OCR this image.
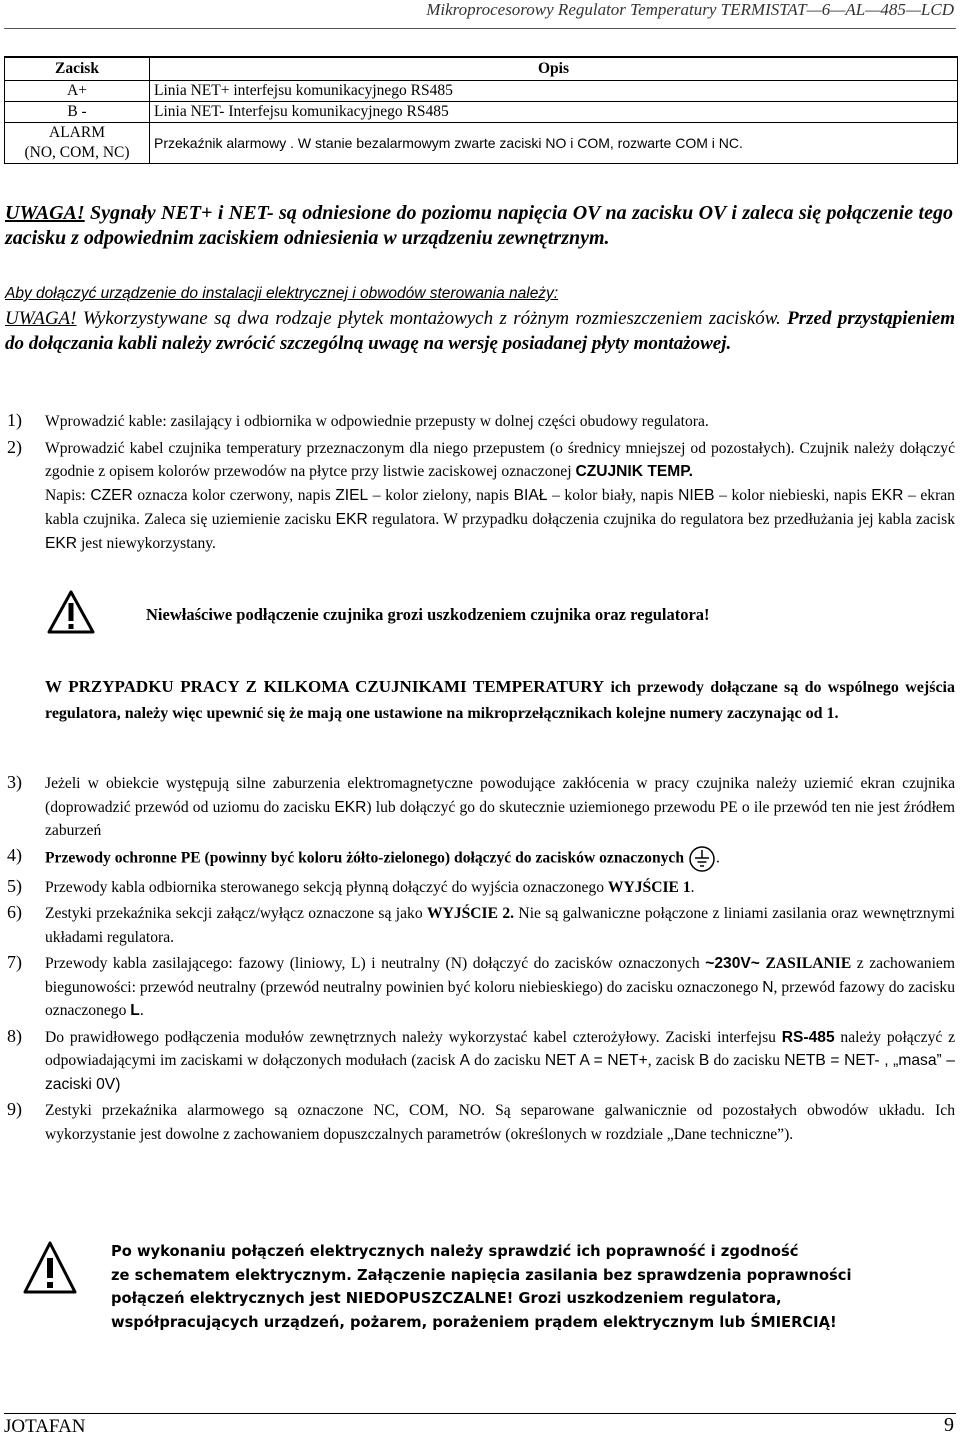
Mikroprocesorowy Regulator Temperatury TERMISTAT—6—AL—485—LCD
Zacisk	Opis
A+	Linia NET+ interfejsu komunikacyjnego RS485
B -	Linia NET- Interfejsu komunikacyjnego RS485

ALARM
(NO, COM, NC)	Przekaźnik alarmowy . W stanie bezalarmowym zwarte zaciski NO i COM, rozwarte COM i NC.
UWAGA! Sygnały NET+ i NET- są odniesione do poziomu napięcia OV na zacisku OV i zaleca się połączenie tego zacisku z odpowiednim zaciskiem odniesienia w urządzeniu zewnętrznym.
Aby dołączyć urządzenie do instalacji elektrycznej i obwodów sterowania należy:
UWAGA! Wykorzystywane są dwa rodzaje płytek montażowych z różnym rozmieszczeniem zacisków. Przed przystąpieniem do dołączania kabli należy zwrócić szczególną uwagę na wersję posiadanej płyty montażowej.

1) Wprowadzić kable: zasilający i odbiornika w odpowiednie przepusty w dolnej części obudowy regulatora.

2) Wprowadzić kabel czujnika temperatury przeznaczonym dla niego przepustem (o średnicy mniejszej od pozostałych). Czujnik należy dołączyć zgodnie z opisem kolorów przewodów na płytce przy listwie zaciskowej oznaczonej CZUJNIK TEMP.

Napis: CZER oznacza kolor czerwony, napis ZIEL – kolor zielony, napis BIAŁ – kolor biały, napis NIEB – kolor niebieski, napis EKR – ekran kabla czujnika. Zaleca się uziemienie zacisku EKR regulatora. W przypadku dołączenia czujnika do regulatora bez przedłużania jej kabla zacisk EKR jest niewykorzystany.

Niewłaściwe podłączenie czujnika grozi uszkodzeniem czujnika oraz regulatora!
W PRZYPADKU PRACY Z KILKOMA CZUJNIKAMI TEMPERATURY ich przewody dołączane są do wspólnego wejścia regulatora, należy więc upewnić się że mają one ustawione na mikroprzełącznikach kolejne numery zaczynając od 1.

3) Jeżeli w obiekcie występują silne zaburzenia elektromagnetyczne powodujące zakłócenia w pracy czujnika należy uziemić ekran czujnika (doprowadzić przewód od uziomu do zacisku EKR) lub dołączyć go do skutecznie uziemionego przewodu PE o ile przewód ten nie jest źródłem zaburzeń

4) Przewody ochronne PE (powinny być koloru żółto-zielonego) dołączyć do zacisków oznaczonych .

5) Przewody kabla odbiornika sterowanego sekcją płynną dołączyć do wyjścia oznaczonego WYJŚCIE 1.

6) Zestyki przekaźnika sekcji załącz/wyłącz oznaczone są jako WYJŚCIE 2. Nie są galwaniczne połączone z liniami zasilania oraz wewnętrznymi układami regulatora.

7) Przewody kabla zasilającego: fazowy (liniowy, L) i neutralny (N) dołączyć do zacisków oznaczonych ~230V~ ZASILANIE z zachowaniem biegunowości: przewód neutralny (przewód neutralny powinien być koloru niebieskiego) do zacisku oznaczonego N, przewód fazowy do zacisku oznaczonego L.

8) Do prawidłowego podłączenia modułów zewnętrznych należy wykorzystać kabel czterożyłowy. Zaciski interfejsu RS-485 należy połączyć z odpowiadającymi im zaciskami w dołączonych modułach (zacisk A do zacisku NET A = NET+, zacisk B do zacisku NETB = NET- , „masa” – zaciski 0V)

9) Zestyki przekaźnika alarmowego są oznaczone NC, COM, NO. Są separowane galwanicznie od pozostałych obwodów układu. Ich wykorzystanie jest dowolne z zachowaniem dopuszczalnych parametrów (określonych w rozdziale „Dane techniczne”).

Po wykonaniu połączeń elektrycznych należy sprawdzić ich poprawność i zgodność
ze schematem elektrycznym. Załączenie napięcia zasilania bez sprawdzenia poprawności
połączeń elektrycznych jest NIEDOPUSZCZALNE! Grozi uszkodzeniem regulatora,
współpracujących urządzeń, pożarem, porażeniem prądem elektrycznym lub ŚMIERCIĄ!
JOTAFAN	9
